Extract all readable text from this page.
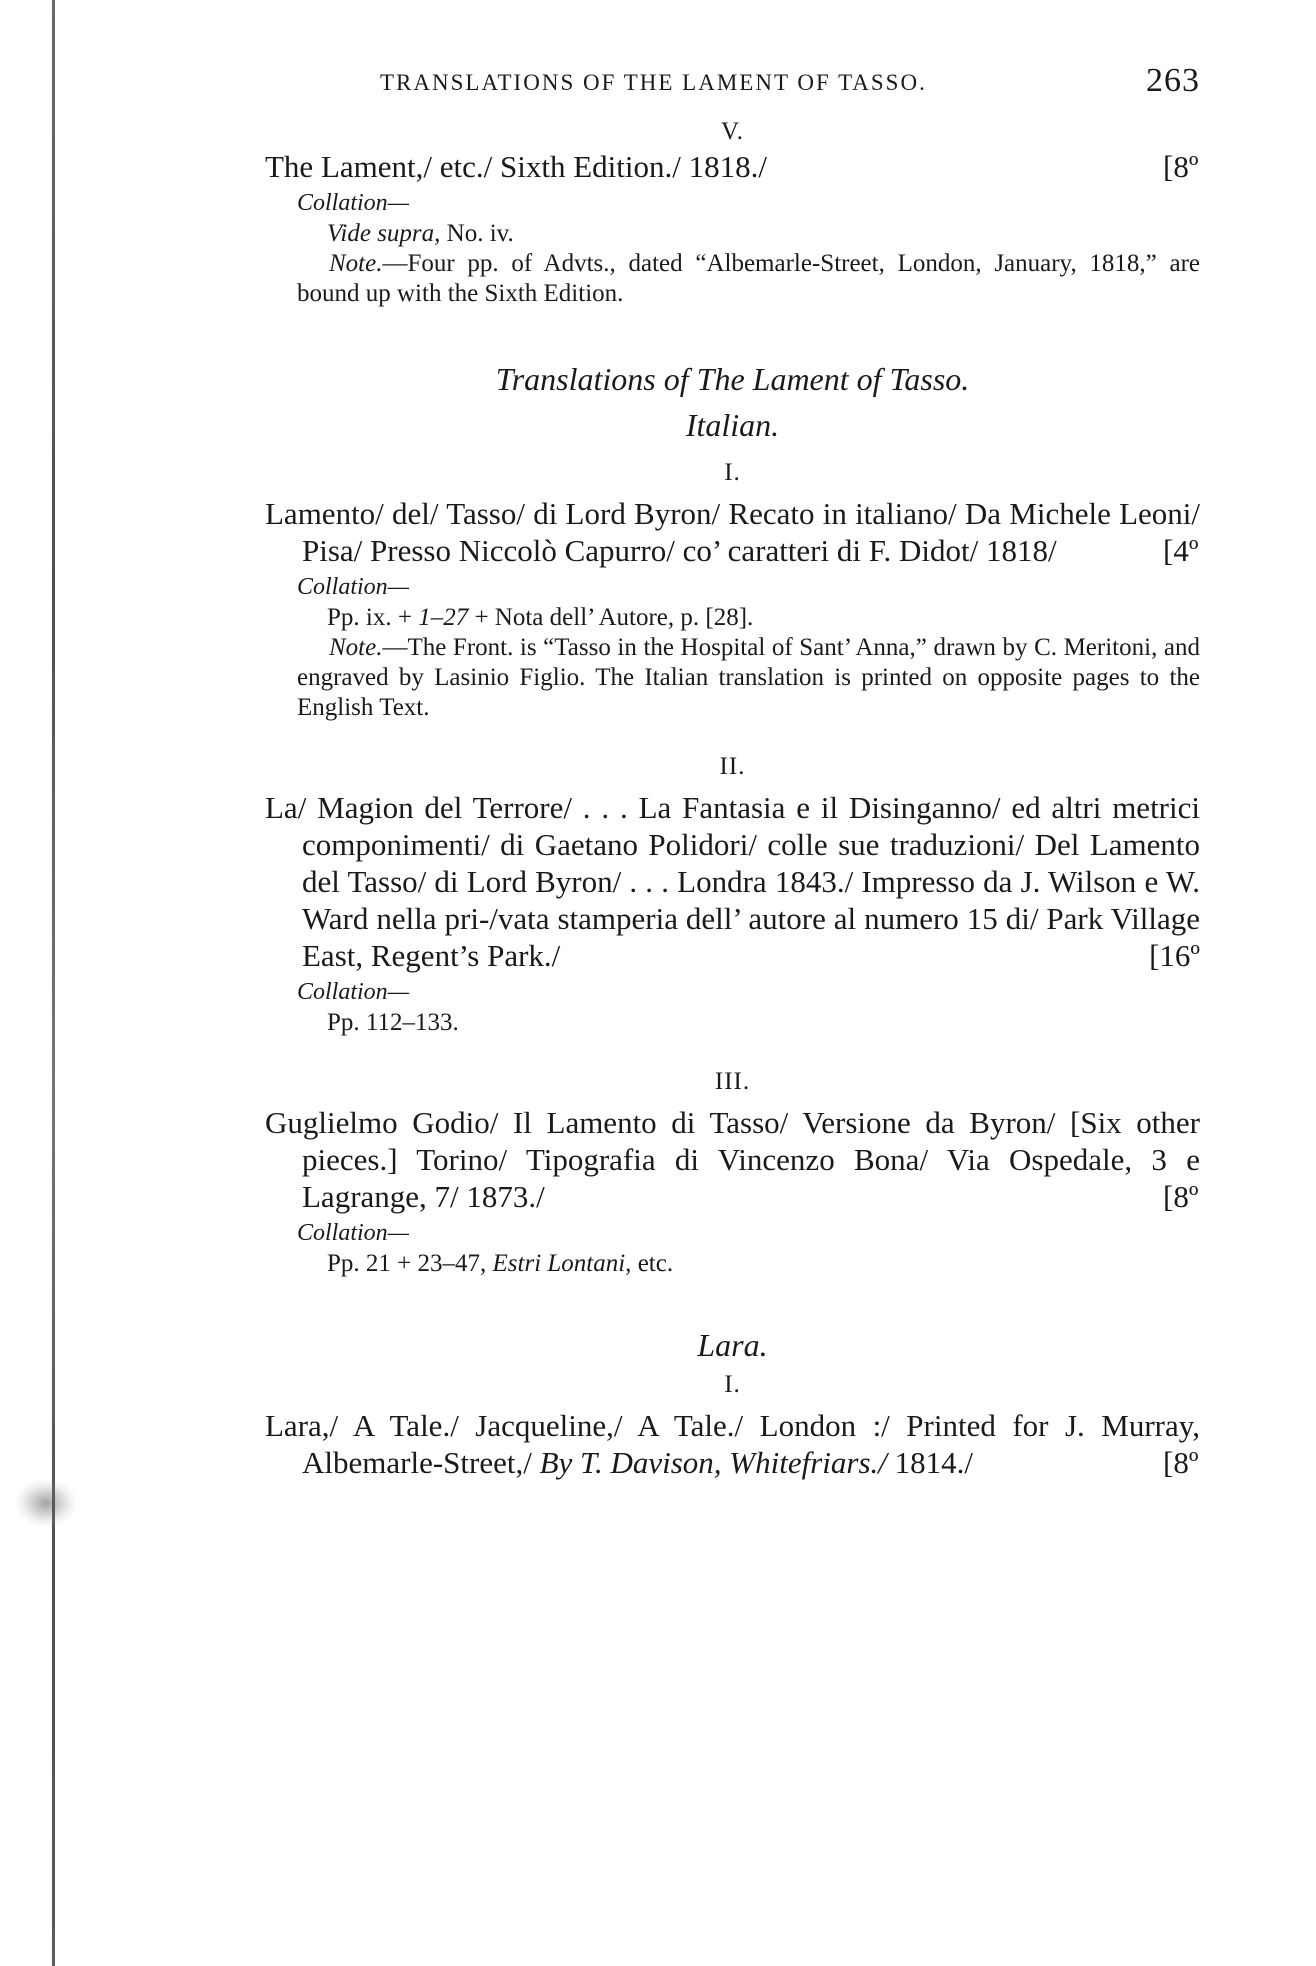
TRANSLATIONS OF THE LAMENT OF TASSO.	263
V.
The Lament,/ etc./ Sixth Edition./ 1818./	[8º
Collation—
Vide supra, No. iv.
Note.—Four pp. of Advts., dated “Albemarle-Street, London, January, 1818,” are bound up with the Sixth Edition.
Translations of The Lament of Tasso.
Italian.
I.
Lamento/ del/ Tasso/ di Lord Byron/ Recato in italiano/ Da Michele Leoni/ Pisa/ Presso Niccolò Capurro/ co’ caratteri di F. Didot/ 1818/	[4º
Collation—
Pp. ix. + 1–27 + Nota dell’ Autore, p. [28].
Note.—The Front. is “Tasso in the Hospital of Sant’ Anna,” drawn by C. Meritoni, and engraved by Lasinio Figlio. The Italian translation is printed on opposite pages to the English Text.
II.
La/ Magion del Terrore/ . . . La Fantasia e il Disinganno/ ed altri metrici componimenti/ di Gaetano Polidori/ colle sue traduzioni/ Del Lamento del Tasso/ di Lord Byron/ . . . Londra 1843./ Impresso da J. Wilson e W. Ward nella pri-/vata stamperia dell’ autore al numero 15 di/ Park Village East, Regent’s Park./	[16º
Collation—
Pp. 112–133.
III.
Guglielmo Godio/ Il Lamento di Tasso/ Versione da Byron/ [Six other pieces.] Torino/ Tipografia di Vincenzo Bona/ Via Ospedale, 3 e Lagrange, 7/ 1873./	[8º
Collation—
Pp. 21 + 23–47, Estri Lontani, etc.
Lara.
I.
Lara,/ A Tale./ Jacqueline,/ A Tale./ London :/ Printed for J. Murray, Albemarle-Street,/ By T. Davison, Whitefriars./ 1814./	[8º
